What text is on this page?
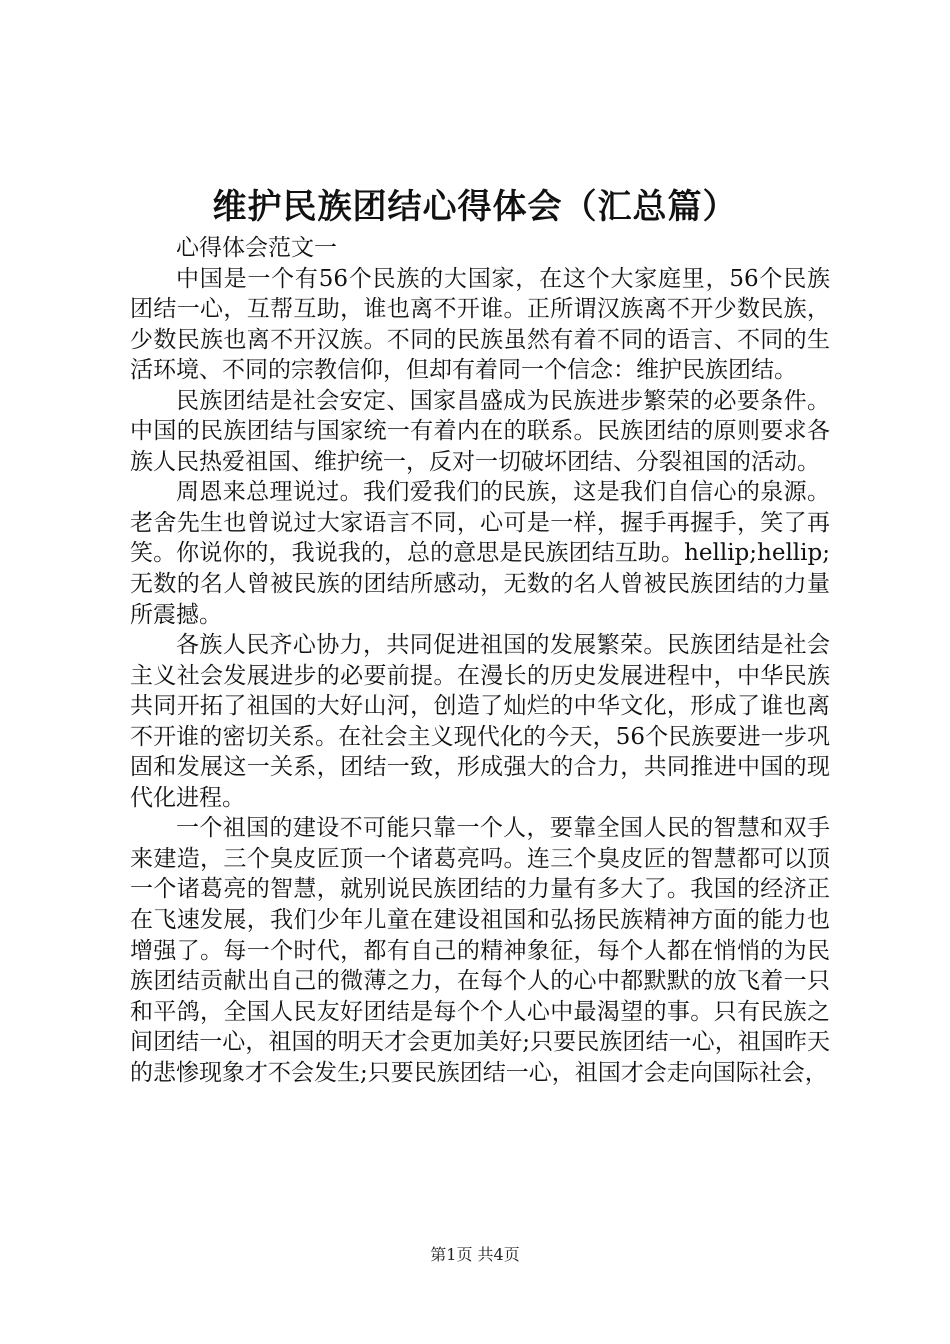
维护民族团结心得体会（汇总篇）

心得体会范文一

中国是一个有56个民族的大国家，在这个大家庭里，56个民族团结一心，互帮互助，谁也离不开谁。正所谓汉族离不开少数民族，少数民族也离不开汉族。不同的民族虽然有着不同的语言、不同的生活环境、不同的宗教信仰，但却有着同一个信念：维护民族团结。

民族团结是社会安定、国家昌盛成为民族进步繁荣的必要条件。中国的民族团结与国家统一有着内在的联系。民族团结的原则要求各族人民热爱祖国、维护统一，反对一切破坏团结、分裂祖国的活动。

周恩来总理说过。我们爱我们的民族，这是我们自信心的泉源。老舍先生也曾说过大家语言不同，心可是一样，握手再握手，笑了再笑。你说你的，我说我的，总的意思是民族团结互助。hellip;hellip;无数的名人曾被民族的团结所感动，无数的名人曾被民族团结的力量所震撼。

各族人民齐心协力，共同促进祖国的发展繁荣。民族团结是社会主义社会发展进步的必要前提。在漫长的历史发展进程中，中华民族共同开拓了祖国的大好山河，创造了灿烂的中华文化，形成了谁也离不开谁的密切关系。在社会主义现代化的今天，56个民族要进一步巩固和发展这一关系，团结一致，形成强大的合力，共同推进中国的现代化进程。

一个祖国的建设不可能只靠一个人，要靠全国人民的智慧和双手来建造，三个臭皮匠顶一个诸葛亮吗。连三个臭皮匠的智慧都可以顶一个诸葛亮的智慧，就别说民族团结的力量有多大了。我国的经济正在飞速发展，我们少年儿童在建设祖国和弘扬民族精神方面的能力也增强了。每一个时代，都有自己的精神象征，每个人都在悄悄的为民族团结贡献出自己的微薄之力，在每个人的心中都默默的放飞着一只和平鸽，全国人民友好团结是每个个人心中最渴望的事。只有民族之间团结一心，祖国的明天才会更加美好;只要民族团结一心，祖国昨天的悲惨现象才不会发生;只要民族团结一心，祖国才会走向国际社会，

第1页 共4页
